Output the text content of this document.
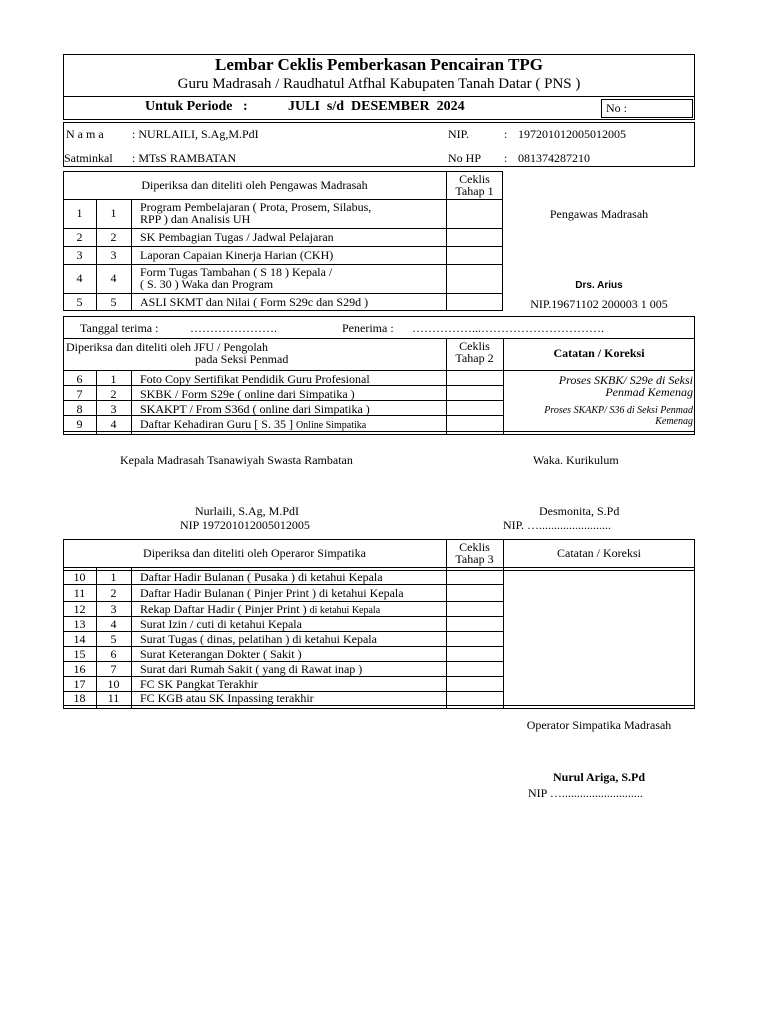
Lembar Ceklis Pemberkasan Pencairan TPG
Guru Madrasah / Raudhatul Atfhal Kabupaten Tanah Datar ( PNS )
Untuk Periode   :	JULI  s/d  DESEMBER  2024	No :
N a m a : NURLAILI, S.Ag,M.PdI	NIP.	: 197201012005012005
Satminkal : MTsS RAMBATAN	No HP : 081374287210
Diperiksa dan diteliti oleh Pengawas Madrasah	Ceklis
Tahap 1
1	1	Program Pembelajaran ( Prota, Prosem, Silabus,
RPP ) dan Analisis UH
2	2	SK Pembagian Tugas / Jadwal Pelajaran
3	3	Laporan Capaian Kinerja Harian (CKH)
4	4	Form Tugas Tambahan ( S 18 ) Kepala /
( S. 30 ) Waka dan Program
5	5	ASLI SKMT dan Nilai ( Form S29c dan S29d )
Pengawas Madrasah
Drs. Arius
NIP.19671102 200003 1 005
Tanggal terima :	………………….	Penerima : ……………...………………………….
Diperiksa dan diteliti oleh JFU / Pengolah
pada Seksi Penmad
Ceklis
Tahap 2	Catatan / Koreksi
6	1	Foto Copy Sertifikat Pendidik Guru Profesional
7	2	SKBK / Form S29e ( online dari Simpatika )
8	3	SKAKPT / From S36d ( online dari Simpatika )
9	4	Daftar Kehadiran Guru [ S. 35 ] Online Simpatika
Proses SKBK/ S29e di Seksi
Penmad Kemenag
Proses SKAKP/ S36 di Seksi Penmad
Kemenag
Kepala Madrasah Tsanawiyah Swasta Rambatan
Nurlaili, S.Ag, M.PdI
NIP 197201012005012005
Waka. Kurikulum
Desmonita, S.Pd
NIP. …........................
Diperiksa dan diteliti oleh Operaror Simpatika	Ceklis
Tahap 3	Catatan / Koreksi
10	1	Daftar Hadir Bulanan ( Pusaka ) di ketahui Kepala
11	2	Daftar Hadir Bulanan ( Pinjer Print ) di ketahui Kepala
12	3	Rekap Daftar Hadir ( Pinjer Print ) di ketahui Kepala
13	4	Surat Izin / cuti di ketahui Kepala
14	5	Surat Tugas ( dinas, pelatihan ) di ketahui Kepala
15	6	Surat Keterangan Dokter ( Sakit )
16	7	Surat dari Rumah Sakit ( yang di Rawat inap )
17	10	FC SK Pangkat Terakhir
18	11	FC KGB atau SK Inpassing terakhir
Operator Simpatika Madrasah
Nurul Ariga, S.Pd
NIP …...........................
